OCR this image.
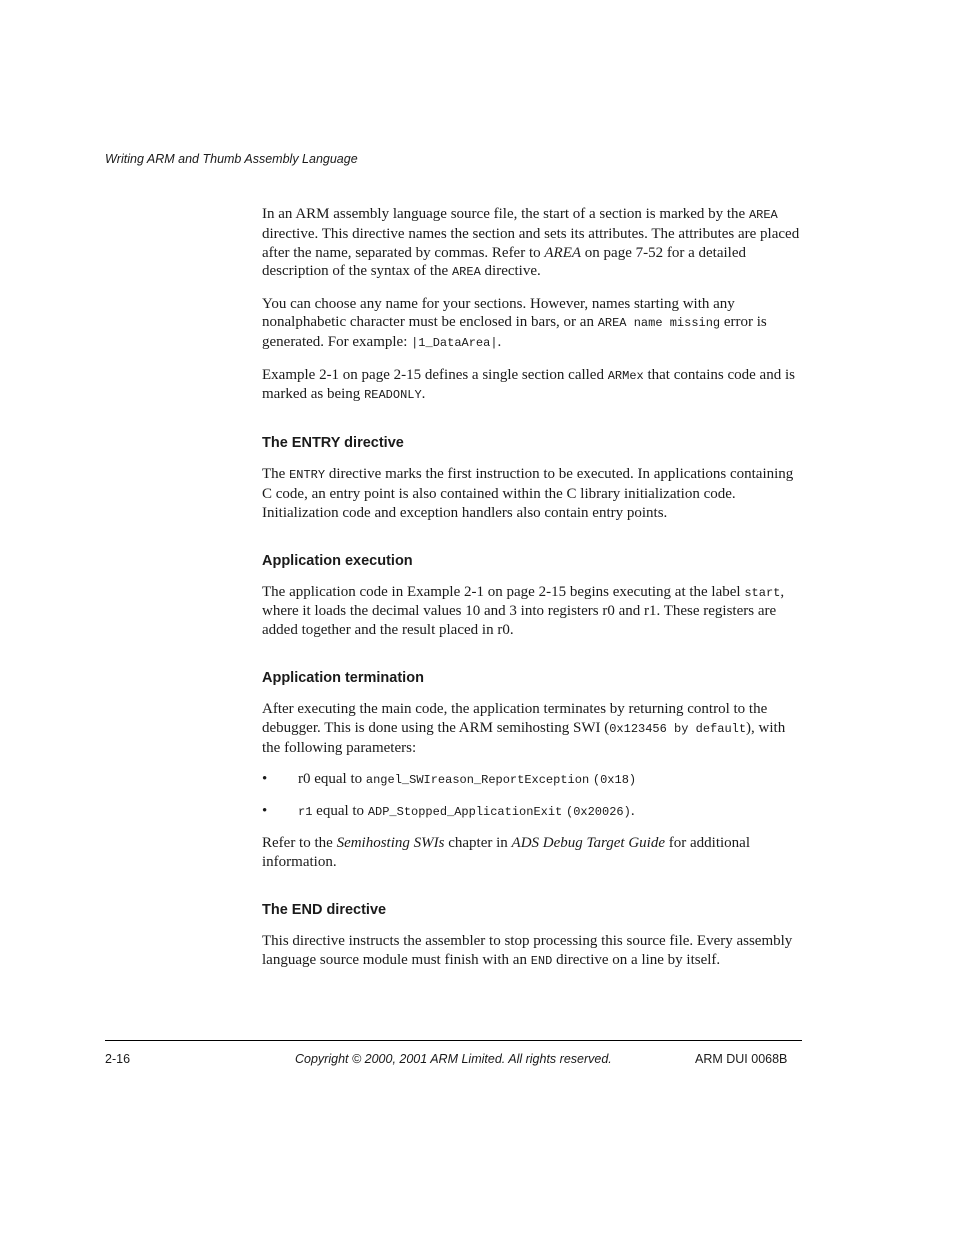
Writing ARM and Thumb Assembly Language

In an ARM assembly language source file, the start of a section is marked by the AREA directive. This directive names the section and sets its attributes. The attributes are placed after the name, separated by commas. Refer to AREA on page 7-52 for a detailed description of the syntax of the AREA directive.

You can choose any name for your sections. However, names starting with any nonalphabetic character must be enclosed in bars, or an AREA name missing error is generated. For example: |1_DataArea|.

Example 2-1 on page 2-15 defines a single section called ARMex that contains code and is marked as being READONLY.

The ENTRY directive

The ENTRY directive marks the first instruction to be executed. In applications containing C code, an entry point is also contained within the C library initialization code. Initialization code and exception handlers also contain entry points.

Application execution

The application code in Example 2-1 on page 2-15 begins executing at the label start, where it loads the decimal values 10 and 3 into registers r0 and r1. These registers are added together and the result placed in r0.

Application termination

After executing the main code, the application terminates by returning control to the debugger. This is done using the ARM semihosting SWI (0x123456 by default), with the following parameters:

• r0 equal to angel_SWIreason_ReportException (0x18)
•	r1 equal to ADP_Stopped_ApplicationExit (0x20026).

Refer to the Semihosting SWIs chapter in ADS Debug Target Guide for additional information.

The END directive

This directive instructs the assembler to stop processing this source file. Every assembly language source module must finish with an END directive on a line by itself.

2-16	Copyright © 2000, 2001 ARM Limited. All rights reserved.	ARM DUI 0068B
